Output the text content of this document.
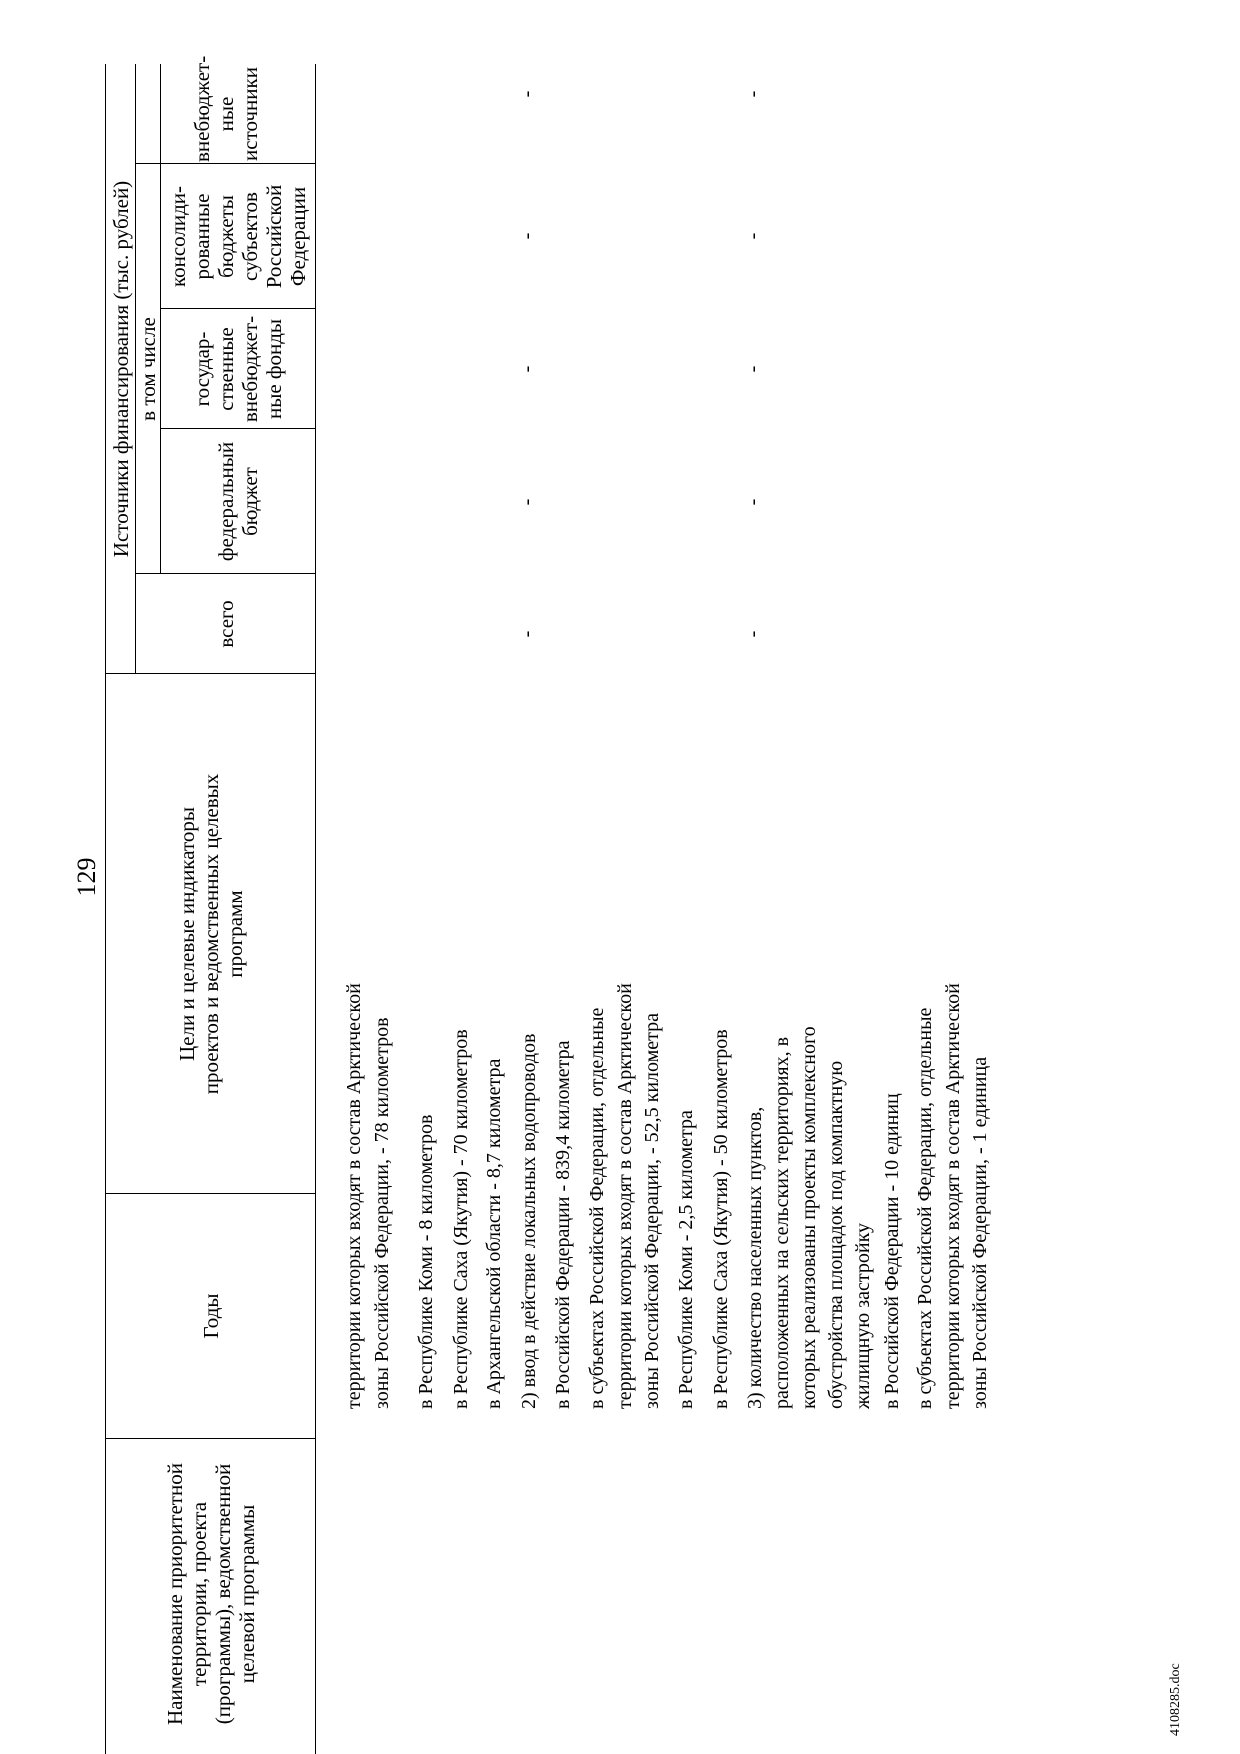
129
Наименование приоритетной территории, проекта (программы), ведомственной целевой программы
Годы
Цели и целевые индикаторы проектов и ведомственных целевых программ
Источники финансирования (тыс. рублей)
всего
в том числе
федеральный бюджет
государ-ственные внебюджет-ные фонды
консолиди-рованные бюджеты субъектов Российской Федерации
внебюджет-ные источники

территории которых входят в состав Арктической зоны Российской Федерации, - 78 километров в Республике Коми - 8 километров в Республике Саха (Якутия) - 70 километров в Архангельской области - 8,7 километра 2) ввод в действие локальных водопроводов в Российской Федерации - 839,4 километра в субъектах Российской Федерации, отдельные территории которых входят в состав Арктической зоны Российской Федерации, - 52,5 километра в Республике Коми - 2,5 километра в Республике Саха (Якутия) - 50 километров 3) количество населенных пунктов, расположенных на сельских территориях, в которых реализованы проекты комплексного обустройства площадок под компактную жилищную застройку в Российской Федерации - 10 единиц в субъектах Российской Федерации, отдельные территории которых входят в состав Арктической зоны Российской Федерации, - 1 единица

-
-
-
-
-
-
-
-
-
-
4108285.doc
